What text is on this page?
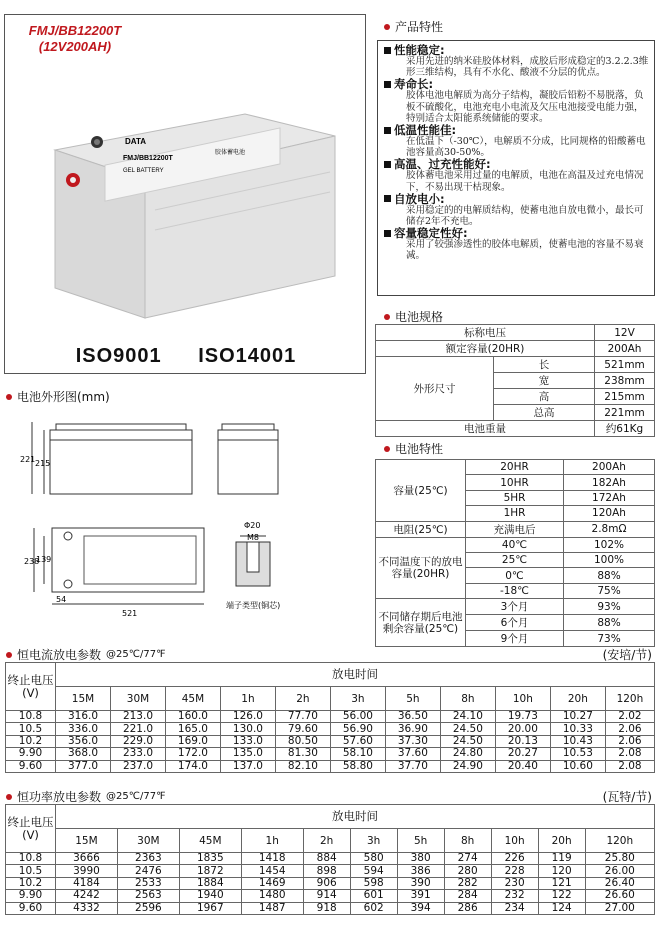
FMJ/BB12200T
(12V200AH)
DATA
FMJ/BB12200T
GEL BATTERY
胶体蓄电池
ISO9001 ISO14001
产品特性
性能稳定:
采用先进的纳米硅胶体材料，成胶后形成稳定的3.2.2.3维形三维结构，具有不水化、酸液不分层的优点。
寿命长:
胶体电池电解质为高分子结构，凝胶后铅粉不易脱落，负板不硫酸化，电池充电小电流及欠压电池接受电能力强，特别适合太阳能系统储能的要求。
低温性能佳:
在低温下（-30℃），电解质不分成，比同规格的铅酸蓄电池容量高30-50%。
高温、过充性能好:
胶体蓄电池采用过量的电解质，电池在高温及过充电情况下，不易出现干枯现象。
自放电小:
采用稳定的的电解质结构，使蓄电池自放电微小，最长可储存2年不充电。
容量稳定性好:
采用了较强渗透性的胶体电解质，使蓄电池的容量不易衰减。
电池规格
标称电压		12V
额定容量(20HR)		200Ah
外形尺寸	长	521mm
	宽	238mm
	高	215mm
	总高	221mm
电池重量		约61Kg
电池特性
容量(25℃)	20HR	200Ah
	10HR	182Ah
	5HR	172Ah
	1HR	120Ah
电阻(25℃)	充满电后	2.8mΩ
不同温度下的放电容量(20HR)	40℃	102%
	25℃	100%
	0℃	88%
	-18℃	75%
不同储存期后电池剩余容量(25℃)	3个月	93%
	6个月	88%
	9个月	73%
电池外形图(mm)
221 215
238
139
54
521
Φ20
M8
端子类型(铜芯)
恒电流放电参数 @25℃/77℉	(安培/节)
终止电压(V)	放电时间										
	15M	30M	45M	1h	2h	3h	5h	8h	10h	20h	120h
10.8	316.0	213.0	160.0	126.0	77.70	56.00	36.50	24.10	19.73	10.27	2.02
10.5	336.0	221.0	165.0	130.0	79.60	56.90	36.90	24.50	20.00	10.33	2.06
10.2	356.0	229.0	169.0	133.0	80.50	57.60	37.30	24.50	20.13	10.43	2.06
9.90	368.0	233.0	172.0	135.0	81.30	58.10	37.60	24.80	20.27	10.53	2.08
9.60	377.0	237.0	174.0	137.0	82.10	58.80	37.70	24.90	20.40	10.60	2.08
恒功率放电参数 @25℃/77℉	(瓦特/节)
终止电压(V)	放电时间										
	15M	30M	45M	1h	2h	3h	5h	8h	10h	20h	120h
10.8	3666	2363	1835	1418	884	580	380	274	226	119	25.80
10.5	3990	2476	1872	1454	898	594	386	280	228	120	26.00
10.2	4184	2533	1884	1469	906	598	390	282	230	121	26.40
9.90	4242	2563	1940	1480	914	601	391	284	232	122	26.60
9.60	4332	2596	1967	1487	918	602	394	286	234	124	27.00
